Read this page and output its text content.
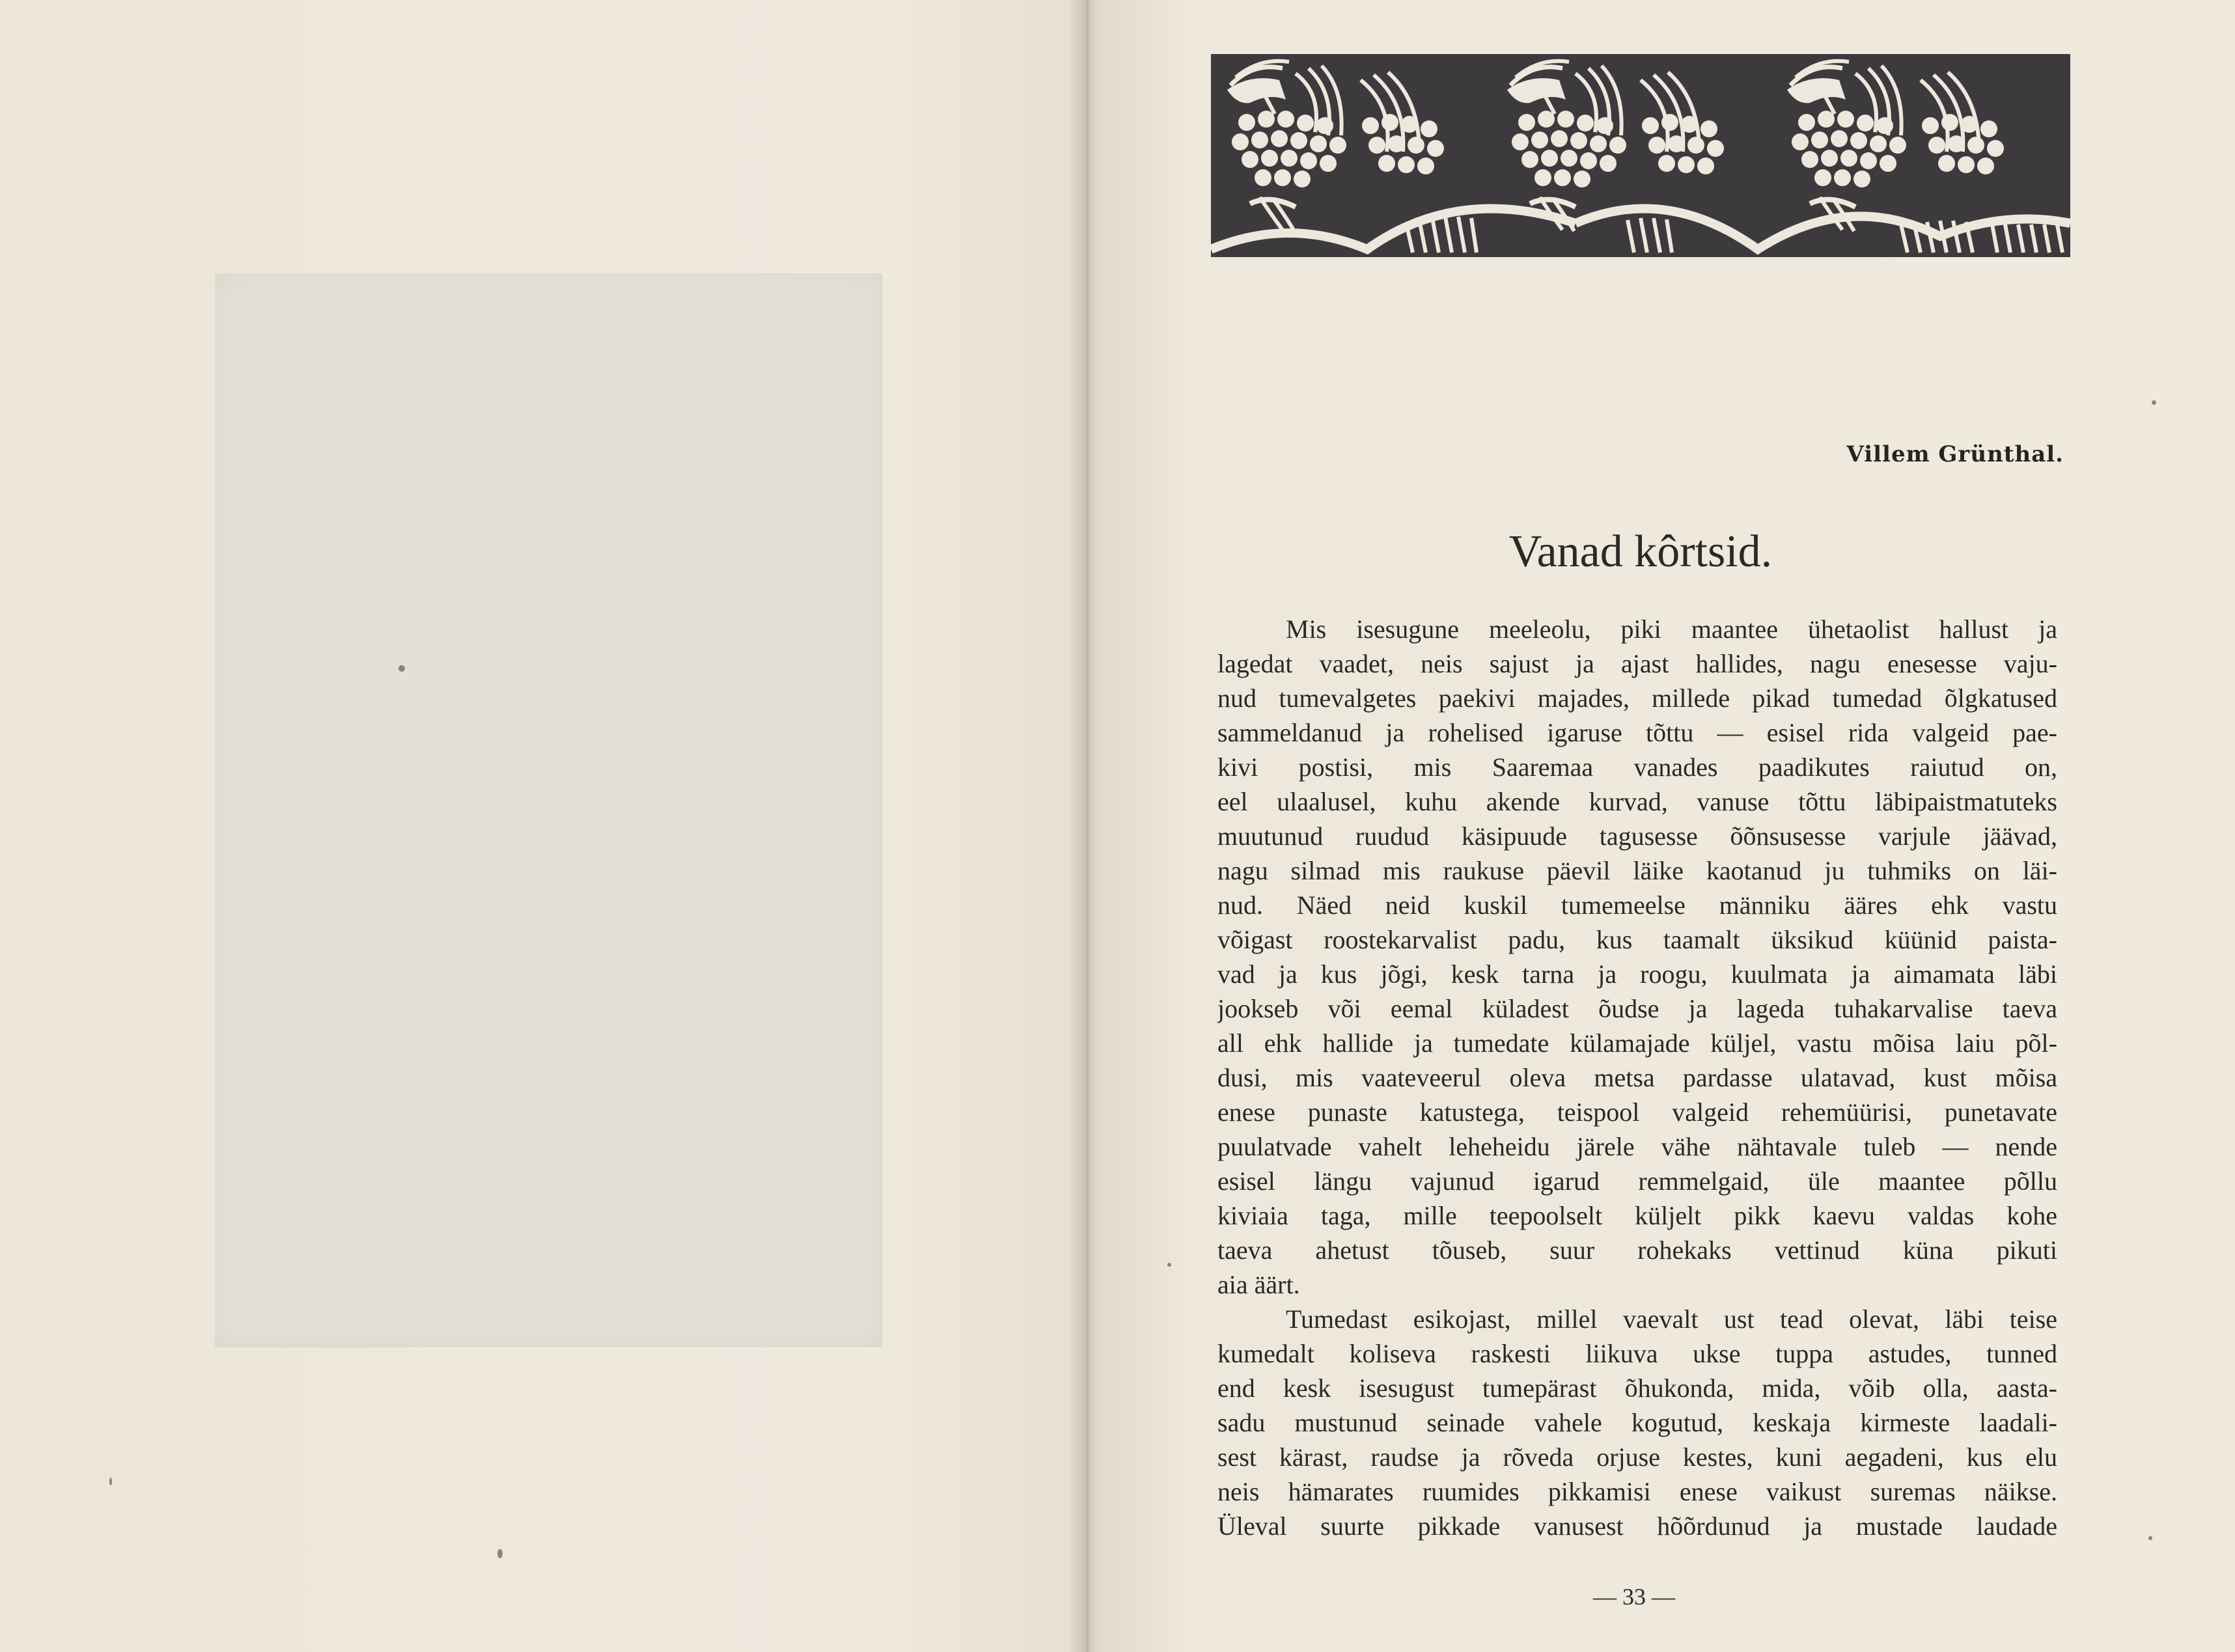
Villem Grünthal.
Vanad kôrtsid.
Mis isesugune meeleolu, piki maantee ühetaolist hallust ja
lagedat vaadet, neis sajust ja ajast hallides, nagu enesesse vaju-
nud tumevalgetes paekivi majades, millede pikad tumedad õlgkatused
sammeldanud ja rohelised igaruse tõttu — esisel rida valgeid pae-
kivi postisi, mis Saaremaa vanades paadikutes raiutud on,
eel ulaalusel, kuhu akende kurvad, vanuse tõttu läbipaistmatuteks
muutunud ruudud käsipuude tagusesse õõnsusesse varjule jäävad,
nagu silmad mis raukuse päevil läike kaotanud ju tuhmiks on läi-
nud. Näed neid kuskil tumemeelse männiku ääres ehk vastu
võigast roostekarvalist padu, kus taamalt üksikud küünid paista-
vad ja kus jõgi, kesk tarna ja roogu, kuulmata ja aimamata läbi
jookseb või eemal küladest õudse ja lageda tuhakarvalise taeva
all ehk hallide ja tumedate külamajade küljel, vastu mõisa laiu põl-
dusi, mis vaateveerul oleva metsa pardasse ulatavad, kust mõisa
enese punaste katustega, teispool valgeid rehemüürisi, punetavate
puulatvade vahelt leheheidu järele vähe nähtavale tuleb — nende
esisel längu vajunud igarud remmelgaid, üle maantee põllu
kiviaia taga, mille teepoolselt küljelt pikk kaevu valdas kohe
taeva ahetust tõuseb, suur rohekaks vettinud küna pikuti
aia äärt.
Tumedast esikojast, millel vaevalt ust tead olevat, läbi teise
kumedalt koliseva raskesti liikuva ukse tuppa astudes, tunned
end kesk isesugust tumepärast õhukonda, mida, võib olla, aasta-
sadu mustunud seinade vahele kogutud, keskaja kirmeste laadali-
sest kärast, raudse ja rõveda orjuse kestes, kuni aegadeni, kus elu
neis hämarates ruumides pikkamisi enese vaikust suremas näikse.
Üleval suurte pikkade vanusest hõõrdunud ja mustade laudade
— 33 —
